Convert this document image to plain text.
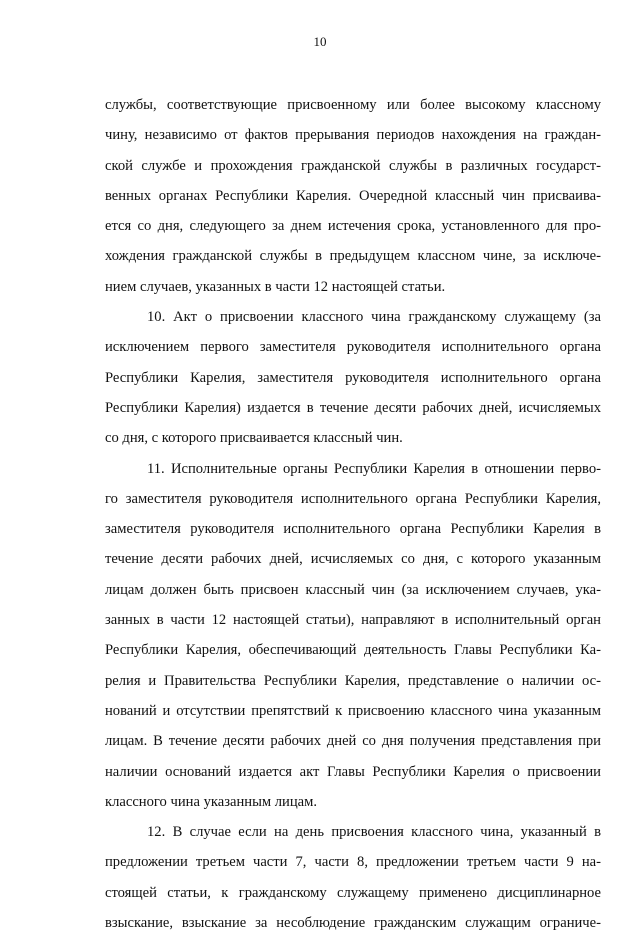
10
службы, соответствующие присвоенному или более высокому классному
чину, независимо от фактов прерывания периодов нахождения на граждан-
ской службе и прохождения гражданской службы в различных государст-
венных органах Республики Карелия. Очередной классный чин присваива-
ется со дня, следующего за днем истечения срока, установленного для про-
хождения гражданской службы в предыдущем классном чине, за исключе-
нием случаев, указанных в части 12 настоящей статьи.
10. Акт о присвоении классного чина гражданскому служащему (за
исключением первого заместителя руководителя исполнительного органа
Республики Карелия, заместителя руководителя исполнительного органа
Республики Карелия) издается в течение десяти рабочих дней, исчисляемых
со дня, с которого присваивается классный чин.
11. Исполнительные органы Республики Карелия в отношении перво-
го заместителя руководителя исполнительного органа Республики Карелия,
заместителя руководителя исполнительного органа Республики Карелия в
течение десяти рабочих дней, исчисляемых со дня, с которого указанным
лицам должен быть присвоен классный чин (за исключением случаев, ука-
занных в части 12 настоящей статьи), направляют в исполнительный орган
Республики Карелия, обеспечивающий деятельность Главы Республики Ка-
релия и Правительства Республики Карелия, представление о наличии ос-
нований и отсутствии препятствий к присвоению классного чина указанным
лицам. В течение десяти рабочих дней со дня получения представления при
наличии оснований издается акт Главы Республики Карелия о присвоении
классного чина указанным лицам.
12. В случае если на день присвоения классного чина, указанный в
предложении третьем части 7, части 8, предложении третьем части 9 на-
стоящей статьи, к гражданскому служащему применено дисциплинарное
взыскание, взыскание за несоблюдение гражданским служащим ограниче-
